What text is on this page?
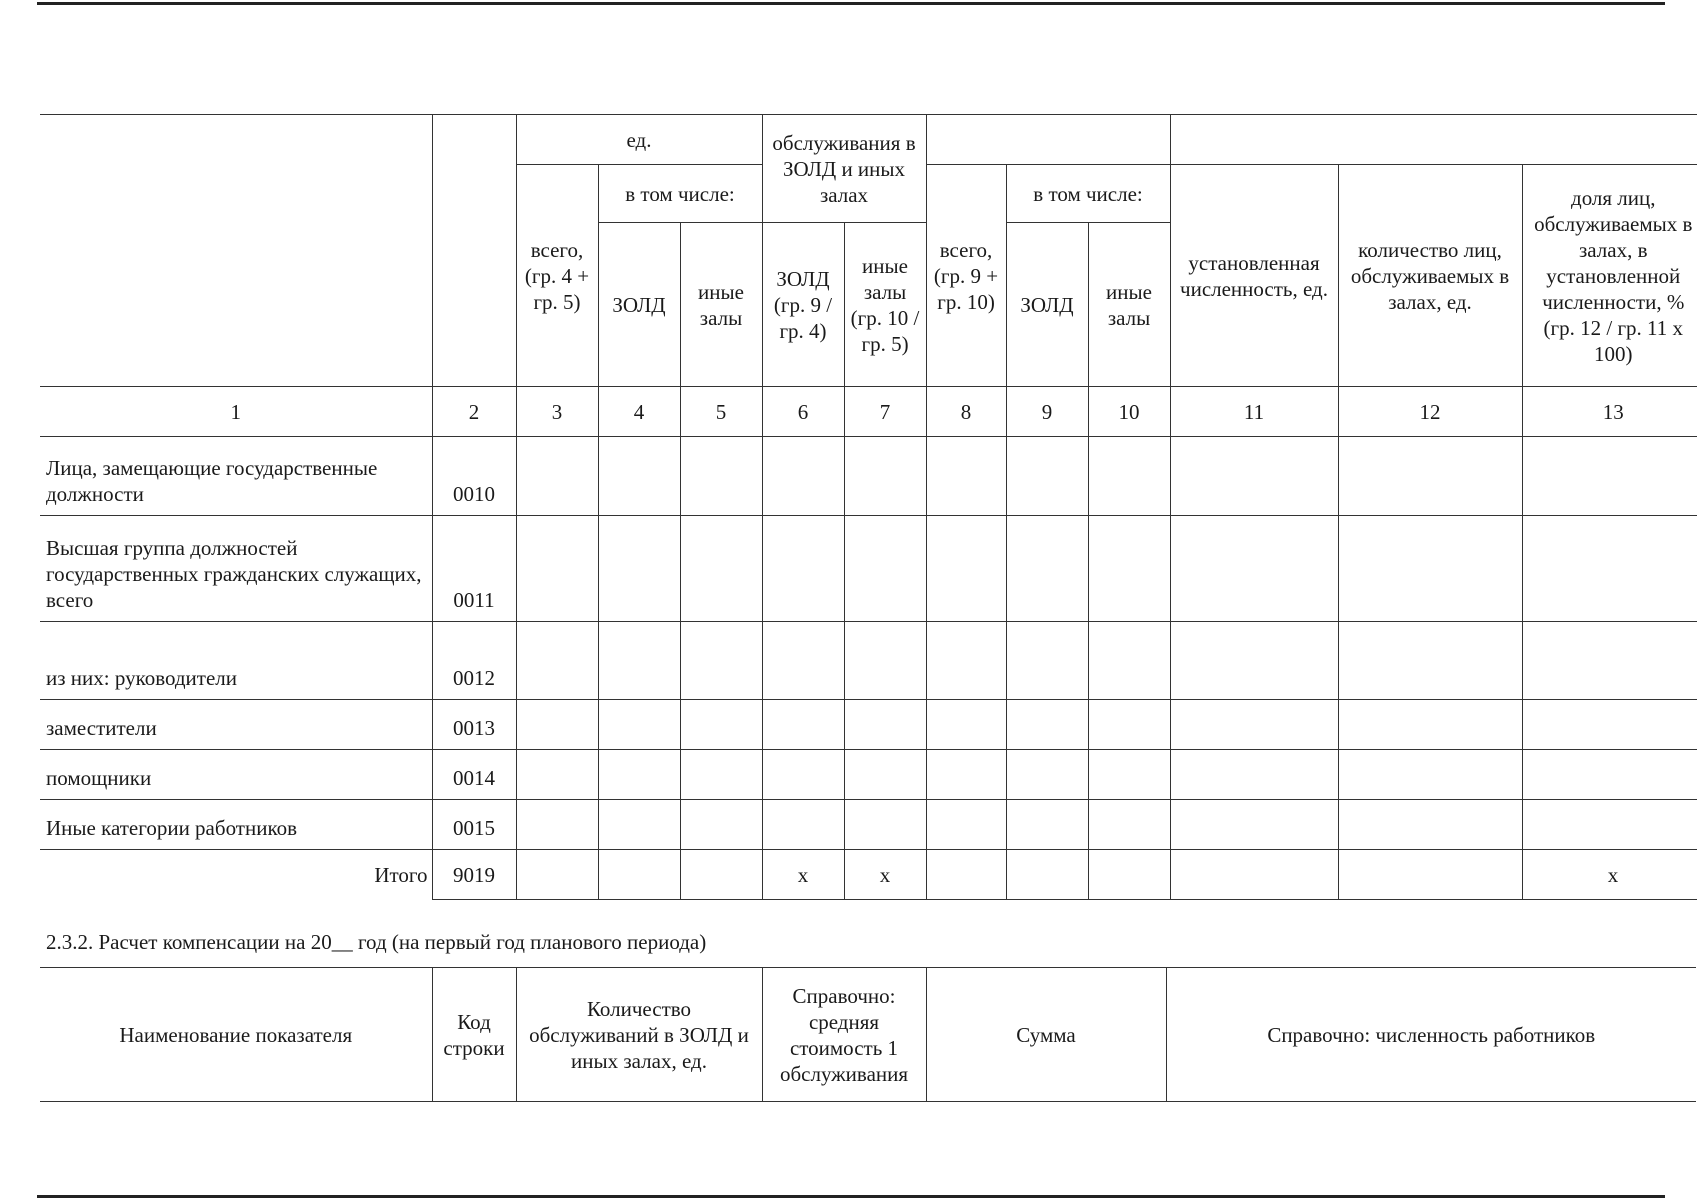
		ед.			обслуживания в ЗОЛД и иных залах							
		всего, (гр. 4 + гр. 5)	в том числе:				всего, (гр. 9 + гр. 10)	в том числе:		установленная численность, ед.	количество лиц, обслуживаемых в залах, ед.	доля лиц, обслуживаемых в залах, в установленной численности, % (гр. 12 / гр. 11 x 100)
			ЗОЛД	иные залы	ЗОЛД (гр. 9 / гр. 4)	иные залы (гр. 10 / гр. 5)		ЗОЛД	иные залы			
1	2	3	4	5	6	7	8	9	10	11	12	13
Лица, замещающие государственные должности	0010											
Высшая группа должностей государственных гражданских служащих, всего	0011											
из них: руководители	0012											
заместители	0013											
помощники	0014											
Иные категории работников	0015											
Итого	9019				x	x						x
2.3.2. Расчет компенсации на 20__ год (на первый год планового периода)
Наименование показателя	Код строки	Количество обслуживаний в ЗОЛД и иных залах, ед.	Справочно: средняя стоимость 1 обслуживания	Сумма	Справочно: численность работников
